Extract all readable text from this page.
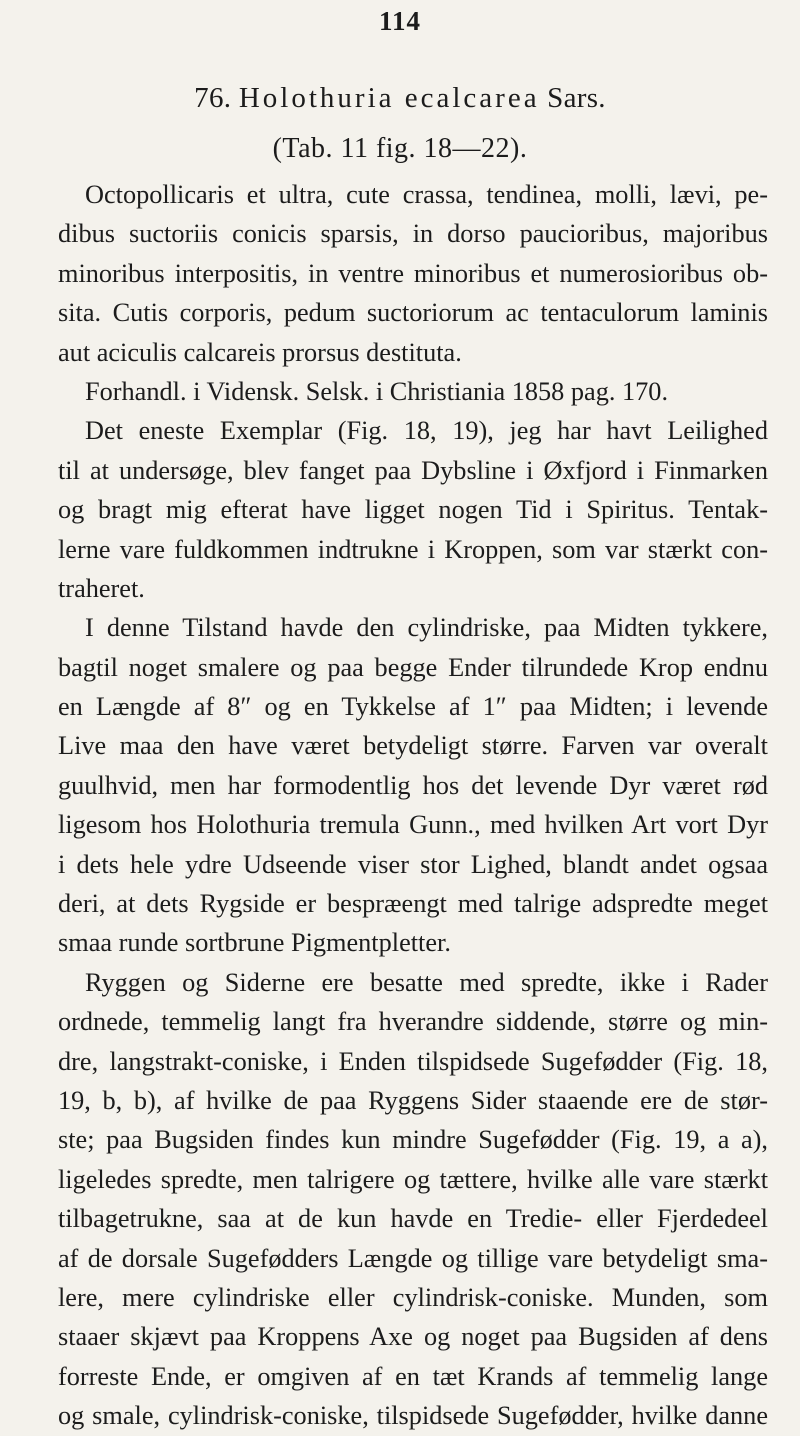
114
76. Holothuria ecalcarea Sars.
(Tab. 11 fig. 18—22).
Octopollicaris et ultra, cute crassa, tendinea, molli, lævi, pe-
dibus suctoriis conicis sparsis, in dorso paucioribus, majoribus
minoribus interpositis, in ventre minoribus et numerosioribus ob-
sita. Cutis corporis, pedum suctoriorum ac tentaculorum laminis
aut aciculis calcareis prorsus destituta.
Forhandl. i Vidensk. Selsk. i Christiania 1858 pag. 170.
Det eneste Exemplar (Fig. 18, 19), jeg har havt Leilighed
til at undersøge, blev fanget paa Dybsline i Øxfjord i Finmarken
og bragt mig efterat have ligget nogen Tid i Spiritus. Tentak-
lerne vare fuldkommen indtrukne i Kroppen, som var stærkt con-
traheret.
I denne Tilstand havde den cylindriske, paa Midten tykkere,
bagtil noget smalere og paa begge Ender tilrundede Krop endnu
en Længde af 8″ og en Tykkelse af 1″ paa Midten; i levende
Live maa den have været betydeligt større. Farven var overalt
guulhvid, men har formodentlig hos det levende Dyr været rød
ligesom hos Holothuria tremula Gunn., med hvilken Art vort Dyr
i dets hele ydre Udseende viser stor Lighed, blandt andet ogsaa
deri, at dets Rygside er bespræengt med talrige adspredte meget
smaa runde sortbrune Pigmentpletter.
Ryggen og Siderne ere besatte med spredte, ikke i Rader
ordnede, temmelig langt fra hverandre siddende, større og min-
dre, langstrakt-coniske, i Enden tilspidsede Sugefødder (Fig. 18,
19, b, b), af hvilke de paa Ryggens Sider staaende ere de stør-
ste; paa Bugsiden findes kun mindre Sugefødder (Fig. 19, a a),
ligeledes spredte, men talrigere og tættere, hvilke alle vare stærkt
tilbagetrukne, saa at de kun havde en Tredie- eller Fjerdedeel
af de dorsale Sugefødders Længde og tillige vare betydeligt sma-
lere, mere cylindriske eller cylindrisk-coniske. Munden, som
staaer skjævt paa Kroppens Axe og noget paa Bugsiden af dens
forreste Ende, er omgiven af en tæt Krands af temmelig lange
og smale, cylindrisk-coniske, tilspidsede Sugefødder, hvilke danne
